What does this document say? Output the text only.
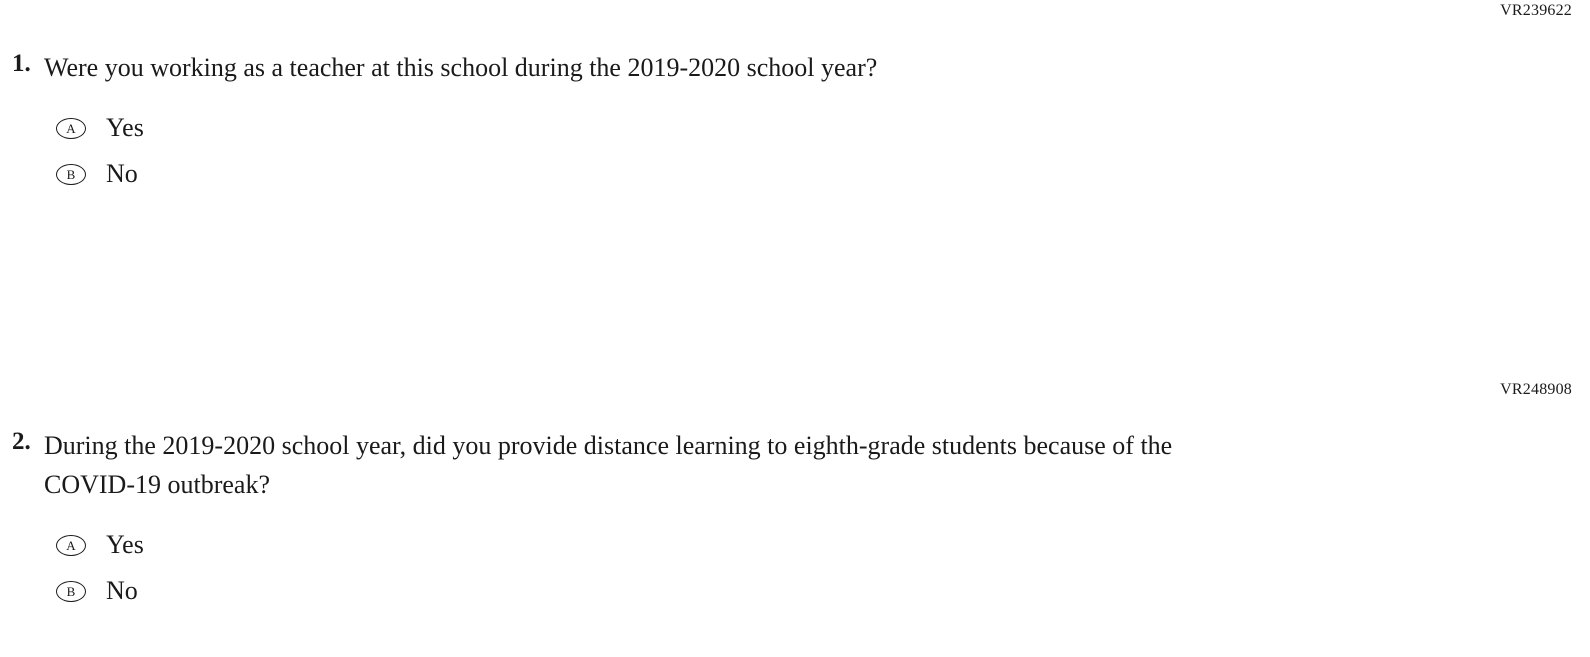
VR239622
1. Were you working as a teacher at this school during the 2019-2020 school year?
A	Yes
B	No
VR248908
2. During the 2019-2020 school year, did you provide distance learning to eighth-grade students because of the COVID-19 outbreak?
A	Yes
B	No
